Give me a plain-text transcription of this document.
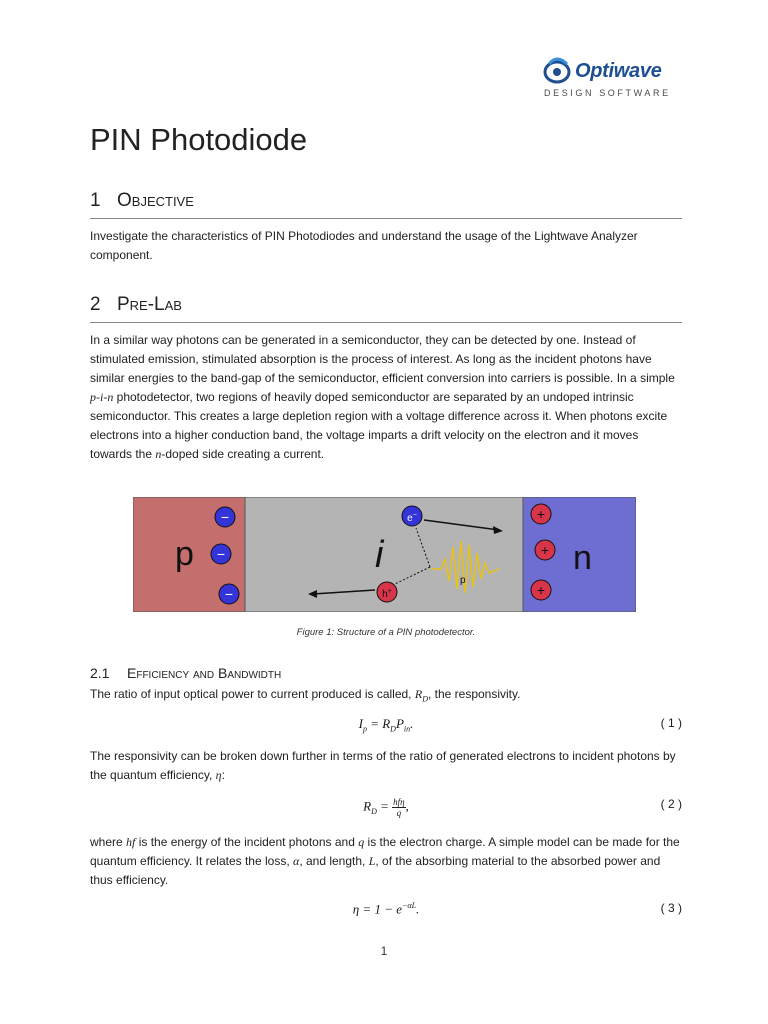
Optiwave
DESIGN SOFTWARE
PIN Photodiode
1 Objective

Investigate the characteristics of PIN Photodiodes and understand the usage of the Lightwave Analyzer component.

2 Pre-Lab

In a similar way photons can be generated in a semiconductor, they can be detected by one. Instead of stimulated emission, stimulated absorption is the process of interest. As long as the incident photons have similar energies to the band-gap of the semiconductor, efficient conversion into carriers is possible. In a simple p-i-n photodetector, two regions of heavily doped semiconductor are separated by an undoped intrinsic semiconductor. This creates a large depletion region with a voltage difference across it. When photons excite electrons into a higher conduction band, the voltage imparts a drift velocity on the electron and it moves towards the n-doped side creating a current.

p	i	n
−
−
−
+
+
+
e−
h+
p
Figure 1: Structure of a PIN photodetector.
2.1 Efficiency and Bandwidth

The ratio of input optical power to current produced is called, $R_D$, the responsivity.

$I_p = R_DP_{in}$.	( 1 )

The responsivity can be broken down further in terms of the ratio of generated electrons to incident photons by the quantum efficiency, η:

$R_D = \frac{\text{hfη}}{q}$ ,	( 2 )

where hf is the energy of the incident photons and q is the electron charge. A simple model can be made for the quantum efficiency. It relates the loss, α, and length, L, of the absorbing material to the absorbed power and thus efficiency.

$\eta = 1 - e^{-\alpha L}$.	( 3 )
1
